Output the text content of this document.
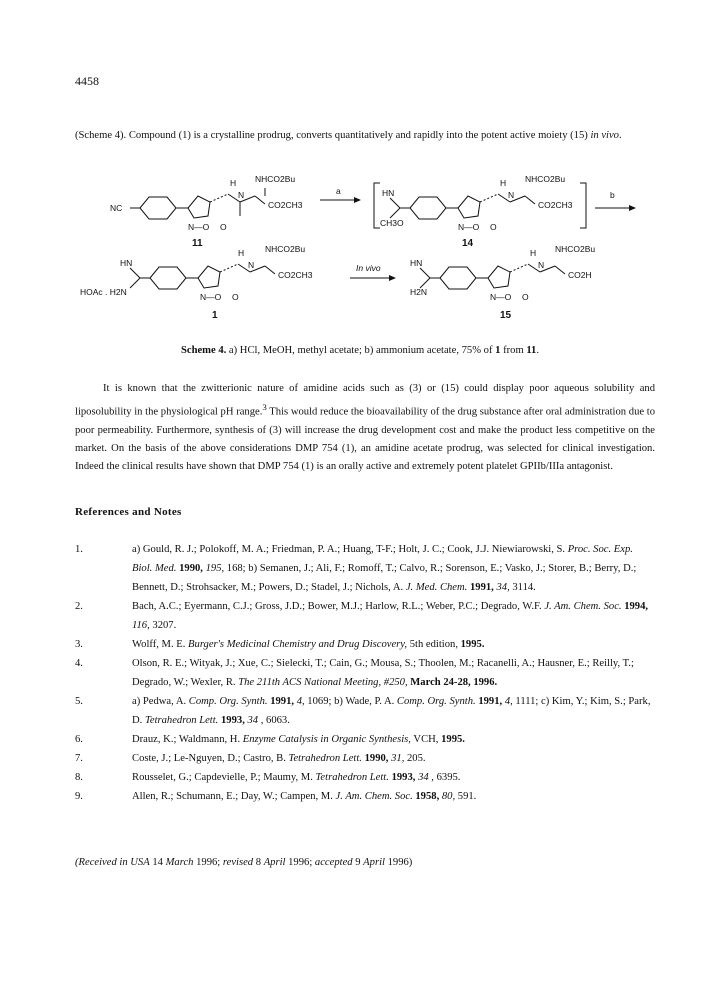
4458

(Scheme 4). Compound (1) is a crystalline prodrug, converts quantitatively and rapidly into the potent active moiety (15) in vivo.

NC
H NHCO2Bu
N
CO2CH3
N—O O
11
a	HN
CH3O
H NHCO2Bu
N
CO2CH3
N—O O
14
b
HN
HOAc . H2N
H NHCO2Bu
N
CO2CH3
N—O O
1
In vivo	HN
H2N
H NHCO2Bu
N
CO2H
N—O O
15
Scheme 4. a) HCl, MeOH, methyl acetate; b) ammonium acetate, 75% of 1 from 11.

It is known that the zwitterionic nature of amidine acids such as (3) or (15) could display poor aqueous solubility and liposolubility in the physiological pH range.$^3$ This would reduce the bioavailability of the drug substance after oral administration due to poor permeability. Furthermore, synthesis of (3) will increase the drug development cost and make the product less competitive on the market. On the basis of the above considerations DMP 754 (1), an amidine acetate prodrug, was selected for clinical investigation. Indeed the clinical results have shown that DMP 754 (1) is an orally active and extremely potent platelet GPIIb/IIIa antagonist.

References and Notes
1.	a) Gould, R. J.; Polokoff, M. A.; Friedman, P. A.; Huang, T-F.; Holt, J. C.; Cook, J.J. Niewiarowski, S. Proc. Soc. Exp. Biol. Med. 1990, 195, 168; b) Semanen, J.; Ali, F.; Romoff, T.; Calvo, R.; Sorenson, E.; Vasko, J.; Storer, B.; Berry, D.; Bennett, D.; Strohsacker, M.; Powers, D.; Stadel, J.; Nichols, A. J. Med. Chem. 1991, 34, 3114.
2.	Bach, A.C.; Eyermann, C.J.; Gross, J.D.; Bower, M.J.; Harlow, R.L.; Weber, P.C.; Degrado, W.F. J. Am. Chem. Soc. 1994, 116, 3207.
3.	Wolff, M. E. Burger's Medicinal Chemistry and Drug Discovery, 5th edition, 1995.
4.	Olson, R. E.; Wityak, J.; Xue, C.; Sielecki, T.; Cain, G.; Mousa, S.; Thoolen, M.; Racanelli, A.; Hausner, E.; Reilly, T.; Degrado, W.; Wexler, R. The 211th ACS National Meeting, #250, March 24-28, 1996.
5.	a) Pedwa, A. Comp. Org. Synth. 1991, 4, 1069; b) Wade, P. A. Comp. Org. Synth. 1991, 4, 1111; c) Kim, Y.; Kim, S.; Park, D. Tetrahedron Lett. 1993, 34 , 6063.
6.	Drauz, K.; Waldmann, H. Enzyme Catalysis in Organic Synthesis, VCH, 1995.
7.	Coste, J.; Le-Nguyen, D.; Castro, B. Tetrahedron Lett. 1990, 31, 205.
8.	Rousselet, G.; Capdevielle, P.; Maumy, M. Tetrahedron Lett. 1993, 34 , 6395.
9.	Allen, R.; Schumann, E.; Day, W.; Campen, M. J. Am. Chem. Soc. 1958, 80, 591.
(Received in USA 14 March 1996; revised 8 April 1996; accepted 9 April 1996)
